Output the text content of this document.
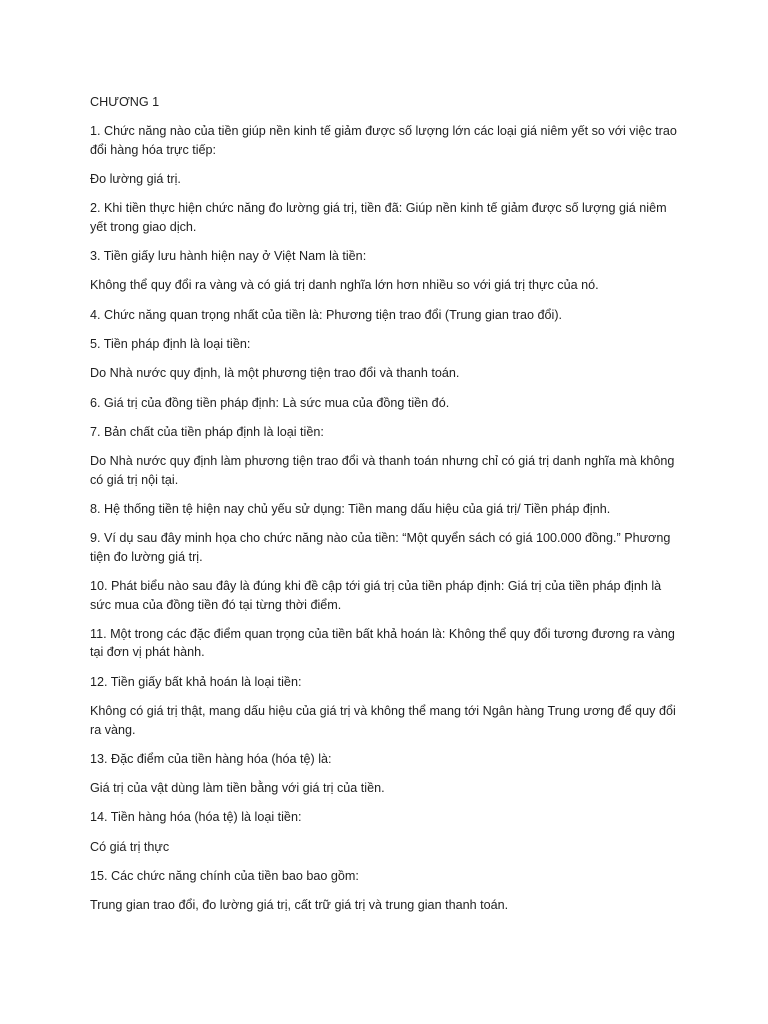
CHƯƠNG 1

1. Chức năng nào của tiền giúp nền kinh tế giảm được số lượng lớn các loại giá niêm yết so với việc trao đổi hàng hóa trực tiếp:

Đo lường giá trị.

2. Khi tiền thực hiện chức năng đo lường giá trị, tiền đã: Giúp nền kinh tế giảm được số lượng giá niêm yết trong giao dịch.

3. Tiền giấy lưu hành hiện nay ở Việt Nam là tiền:

Không thể quy đổi ra vàng và có giá trị danh nghĩa lớn hơn nhiều so với giá trị thực của nó.

4. Chức năng quan trọng nhất của tiền là: Phương tiện trao đổi (Trung gian trao đổi).

5. Tiền pháp định là loại tiền:

Do Nhà nước quy định, là một phương tiện trao đổi và thanh toán.

6. Giá trị của đồng tiền pháp định: Là sức mua của đồng tiền đó.

7. Bản chất của tiền pháp định là loại tiền:

Do Nhà nước quy định làm phương tiện trao đổi và thanh toán nhưng chỉ có giá trị danh nghĩa mà không có giá trị nội tại.

8. Hệ thống tiền tệ hiện nay chủ yếu sử dụng: Tiền mang dấu hiệu của giá trị/ Tiền pháp định.

9. Ví dụ sau đây minh họa cho chức năng nào của tiền: “Một quyển sách có giá 100.000 đồng.” Phương tiện đo lường giá trị.

10. Phát biểu nào sau đây là đúng khi đề cập tới giá trị của tiền pháp định: Giá trị của tiền pháp định là sức mua của đồng tiền đó tại từng thời điểm.

11. Một trong các đặc điểm quan trọng của tiền bất khả hoán là: Không thể quy đổi tương đương ra vàng tại đơn vị phát hành.

12. Tiền giấy bất khả hoán là loại tiền:

Không có giá trị thật, mang dấu hiệu của giá trị và không thể mang tới Ngân hàng Trung ương để quy đổi ra vàng.

13. Đặc điểm của tiền hàng hóa (hóa tệ) là:

Giá trị của vật dùng làm tiền bằng với giá trị của tiền.

14. Tiền hàng hóa (hóa tệ) là loại tiền:

Có giá trị thực

15. Các chức năng chính của tiền bao bao gồm:

Trung gian trao đổi, đo lường giá trị, cất trữ giá trị và trung gian thanh toán.
